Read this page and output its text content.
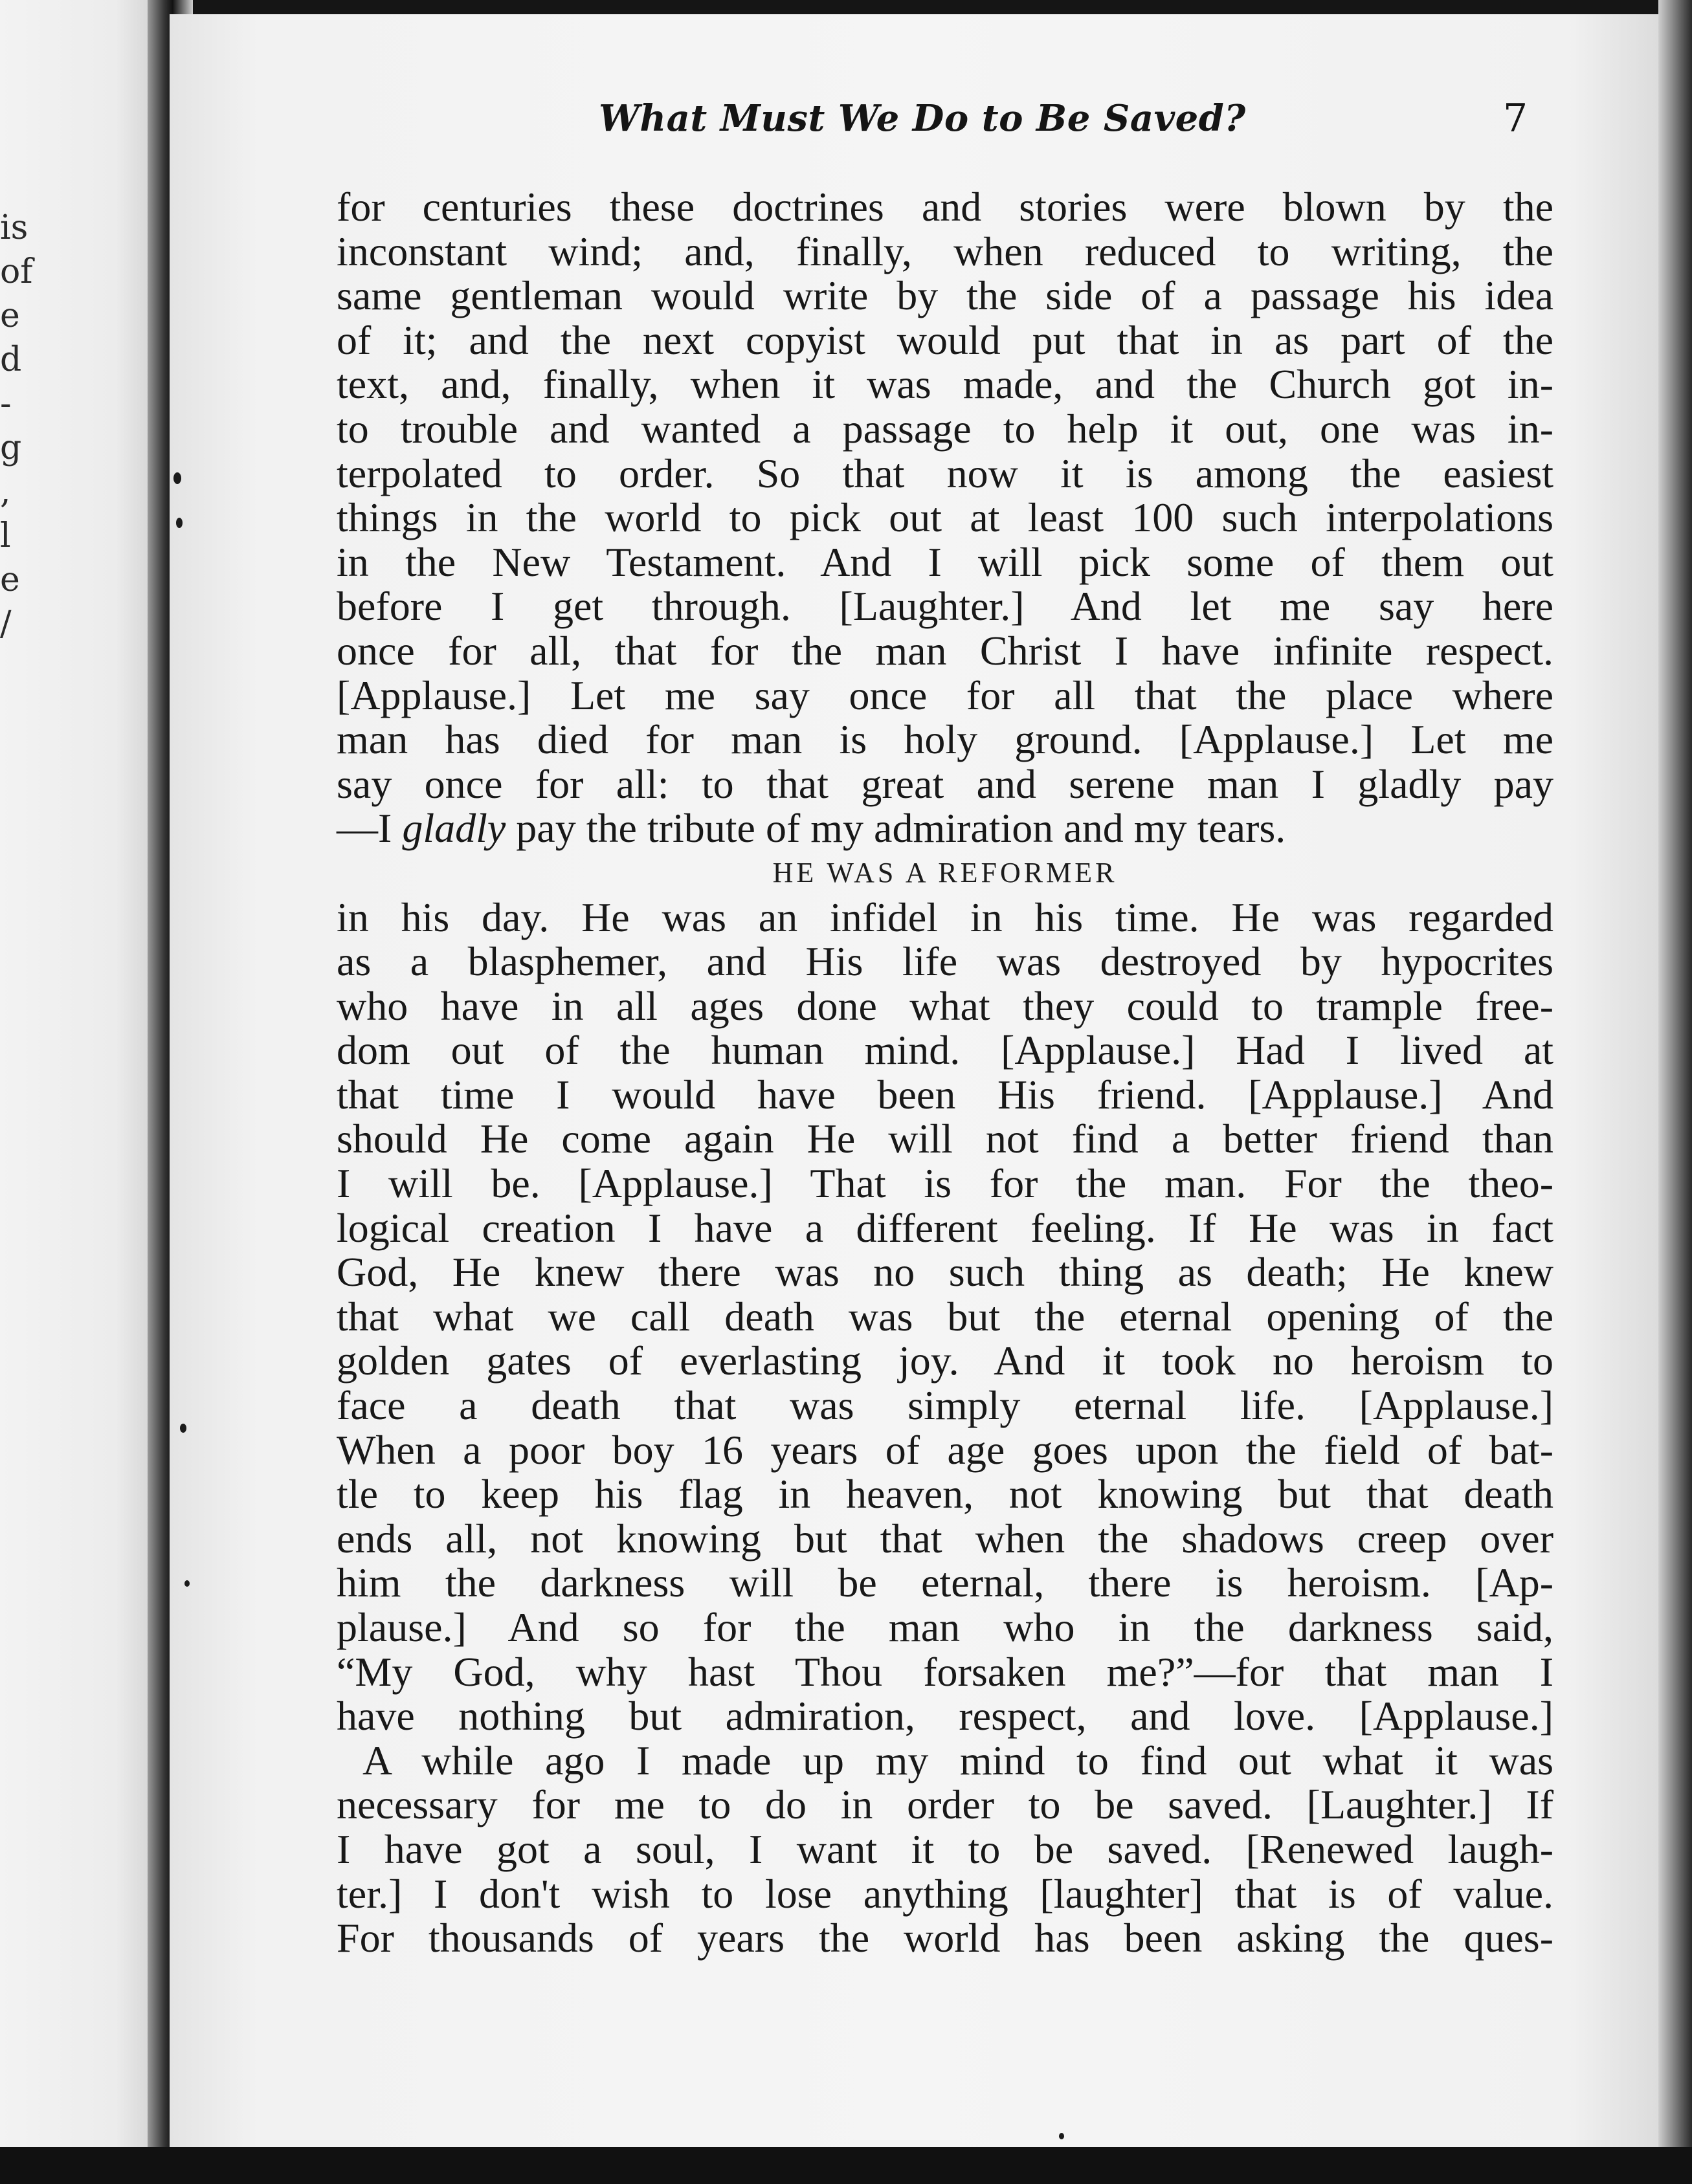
is
of
e
d
-
g
,
l
e
/
What Must We Do to Be Saved?	7
for centuries these doctrines and stories were blown by the
inconstant wind; and, finally, when reduced to writing, the
same gentleman would write by the side of a passage his idea
of it; and the next copyist would put that in as part of the
text, and, finally, when it was made, and the Church got in-
to trouble and wanted a passage to help it out, one was in-
terpolated to order. So that now it is among the easiest
things in the world to pick out at least 100 such interpolations
in the New Testament. And I will pick some of them out
before I get through. [Laughter.] And let me say here
once for all, that for the man Christ I have infinite respect.
[Applause.] Let me say once for all that the place where
man has died for man is holy ground. [Applause.] Let me
say once for all: to that great and serene man I gladly pay
—I gladly pay the tribute of my admiration and my tears.
HE WAS A REFORMER
in his day. He was an infidel in his time. He was regarded
as a blasphemer, and His life was destroyed by hypocrites
who have in all ages done what they could to trample free-
dom out of the human mind. [Applause.] Had I lived at
that time I would have been His friend. [Applause.] And
should He come again He will not find a better friend than
I will be. [Applause.] That is for the man. For the theo-
logical creation I have a different feeling. If He was in fact
God, He knew there was no such thing as death; He knew
that what we call death was but the eternal opening of the
golden gates of everlasting joy. And it took no heroism to
face a death that was simply eternal life. [Applause.]
When a poor boy 16 years of age goes upon the field of bat-
tle to keep his flag in heaven, not knowing but that death
ends all, not knowing but that when the shadows creep over
him the darkness will be eternal, there is heroism. [Ap-
plause.] And so for the man who in the darkness said,
“My God, why hast Thou forsaken me?”—for that man I
have nothing but admiration, respect, and love. [Applause.]
A while ago I made up my mind to find out what it was
necessary for me to do in order to be saved. [Laughter.] If
I have got a soul, I want it to be saved. [Renewed laugh-
ter.] I don't wish to lose anything [laughter] that is of value.
For thousands of years the world has been asking the ques-
